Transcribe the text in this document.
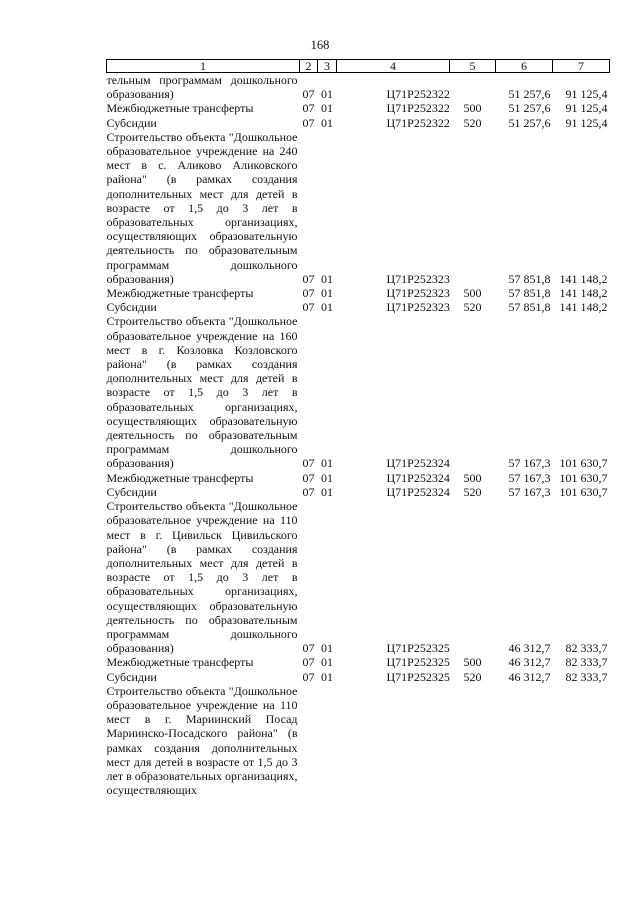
168
1	2	3	4	5	6	7
тельным программам дошкольного образования)	07	01	Ц71Р252322		51 257,6	91 125,4
Межбюджетные трансферты	07	01	Ц71Р252322	500	51 257,6	91 125,4
Субсидии	07	01	Ц71Р252322	520	51 257,6	91 125,4
Строительство объекта "Дошкольное образовательное учреждение на 240 мест в с. Аликово Аликовского района" (в рамках создания дополнительных мест для детей в возрасте от 1,5 до 3 лет в образовательных организациях, осуществляющих образовательную деятельность по образовательным программам дошкольного образования)	07	01	Ц71Р252323		57 851,8	141 148,2
Межбюджетные трансферты	07	01	Ц71Р252323	500	57 851,8	141 148,2
Субсидии	07	01	Ц71Р252323	520	57 851,8	141 148,2
Строительство объекта "Дошкольное образовательное учреждение на 160 мест в г. Козловка Козловского района" (в рамках создания дополнительных мест для детей в возрасте от 1,5 до 3 лет в образовательных организациях, осуществляющих образовательную деятельность по образовательным программам дошкольного образования)	07	01	Ц71Р252324		57 167,3	101 630,7
Межбюджетные трансферты	07	01	Ц71Р252324	500	57 167,3	101 630,7
Субсидии	07	01	Ц71Р252324	520	57 167,3	101 630,7
Строительство объекта "Дошкольное образовательное учреждение на 110 мест в г. Цивильск Цивильского района" (в рамках создания дополнительных мест для детей в возрасте от 1,5 до 3 лет в образовательных организациях, осуществляющих образовательную деятельность по образовательным программам дошкольного образования)	07	01	Ц71Р252325		46 312,7	82 333,7
Межбюджетные трансферты	07	01	Ц71Р252325	500	46 312,7	82 333,7
Субсидии	07	01	Ц71Р252325	520	46 312,7	82 333,7
Строительство объекта "Дошкольное образовательное учреждение на 110 мест в г. Мариинский Посад Мариинско-Посадского района" (в рамках создания дополнительных мест для детей в возрасте от 1,5 до 3 лет в образовательных организациях, осуществляющих						
